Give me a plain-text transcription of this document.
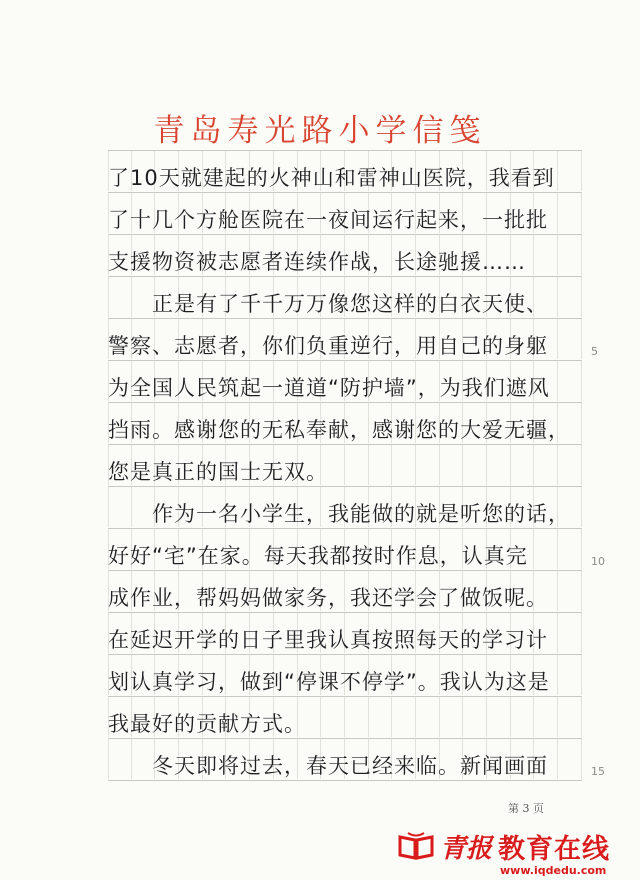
青岛寿光路小学信笺
了10天就建起的火神山和雷神山医院，我看到
了十几个方舱医院在一夜间运行起来，一批批
支援物资被志愿者连续作战，长途驰援……
　　正是有了千千万万像您这样的白衣天使、
警察、志愿者，你们负重逆行，用自己的身躯
为全国人民筑起一道道“防护墙”，为我们遮风
挡雨。感谢您的无私奉献，感谢您的大爱无疆，
您是真正的国士无双。
　　作为一名小学生，我能做的就是听您的话，
好好“宅”在家。每天我都按时作息，认真完
成作业，帮妈妈做家务，我还学会了做饭呢。
在延迟开学的日子里我认真按照每天的学习计
划认真学习，做到“停课不停学”。我认为这是
我最好的贡献方式。
　　冬天即将过去，春天已经来临。新闻画面
5
10
15
第 3 页
青报 教育在线
www.iqdedu.com
